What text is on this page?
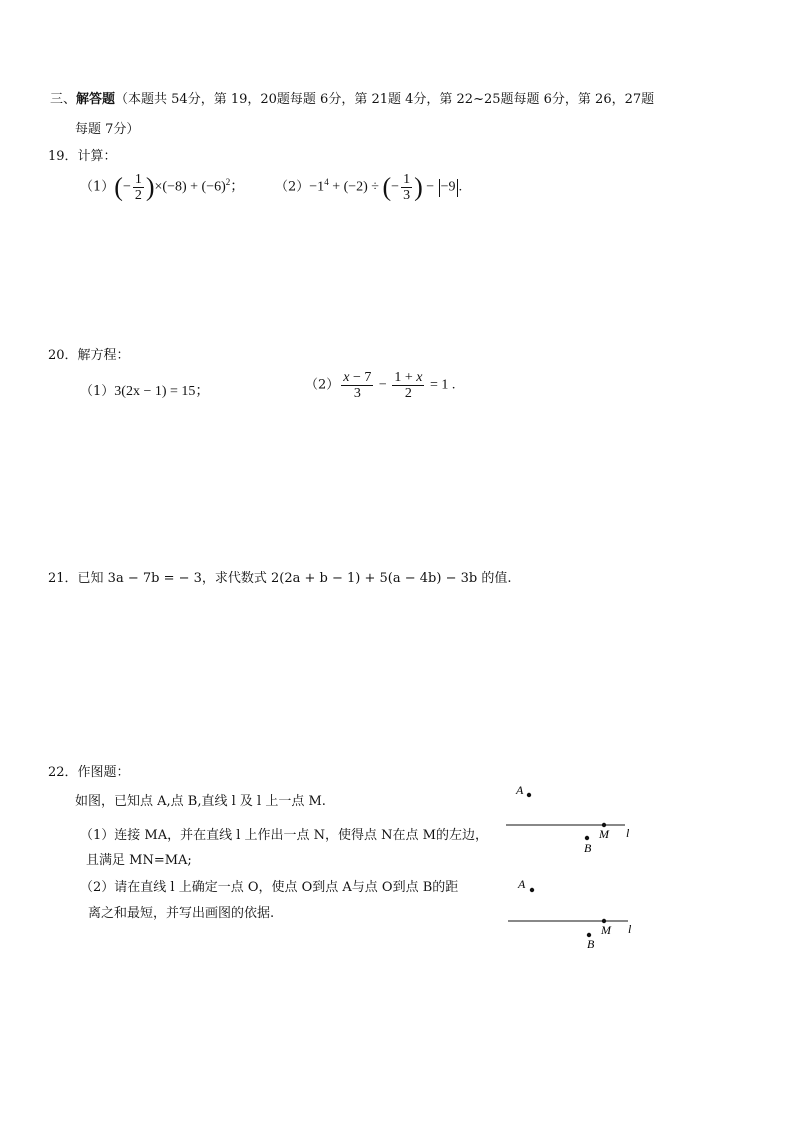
三、解答题（本题共 54分，第 19，20题每题 6分，第 21题 4分，第 22~25题每题 6分，第 26，27题
每题 7分）
19．计算：
$(1)(- \frac{1}{2} )\times(-8) + (-6)^2$； $(2)-1^4 + (-2)$ ÷ (− $\frac{1}{3}$ ) − −9 .
20．解方程：
（1）3(2x − 1) = 15；	$(2) \frac{x - 7}{3} - \frac{1 + x}{2} = 1$ .
21．已知 3a − 7b = − 3，求代数式 2(2a + b − 1) + 5(a − 4b) − 3b 的值.
22．作图题：
如图，已知点 A,点 B,直线 l 及 l 上一点 M.
（1）连接 MA，并在直线 l 上作出一点 N，使得点 N在点 M的左边，
且满足 MN=MA;
（2）请在直线 l 上确定一点 O，使点 O到点 A与点 O到点 B的距
离之和最短，并写出画图的依据.
A
M l
B
A
M l
B
